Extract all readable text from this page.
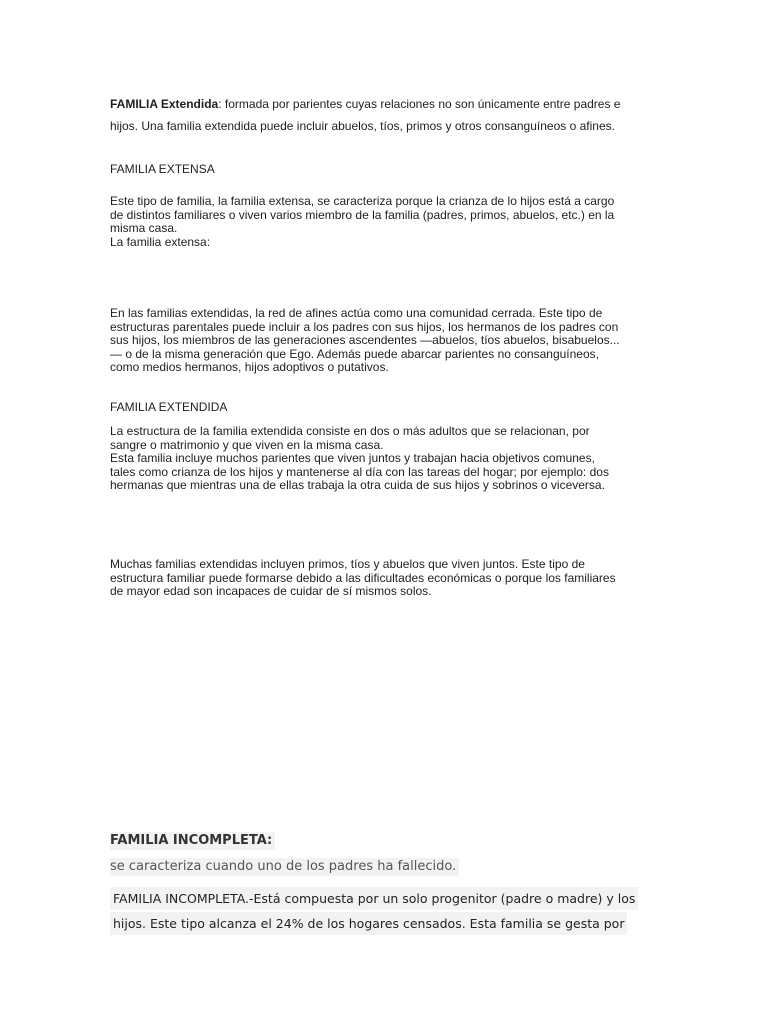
FAMILIA Extendida: formada por parientes cuyas relaciones no son únicamente entre padres e
hijos. Una familia extendida puede incluir abuelos, tíos, primos y otros consanguíneos o afines.

FAMILIA EXTENSA

Este tipo de familia, la familia extensa, se caracteriza porque la crianza de lo hijos está a cargo
de distintos familiares o viven varios miembro de la familia (padres, primos, abuelos, etc.) en la
misma casa.
La familia extensa:

En las familias extendidas, la red de afines actúa como una comunidad cerrada. Este tipo de
estructuras parentales puede incluir a los padres con sus hijos, los hermanos de los padres con
sus hijos, los miembros de las generaciones ascendentes —abuelos, tíos abuelos, bisabuelos...
— o de la misma generación que Ego. Además puede abarcar parientes no consanguíneos,
como medios hermanos, hijos adoptivos o putativos.

FAMILIA EXTENDIDA

La estructura de la familia extendida consiste en dos o más adultos que se relacionan, por
sangre o matrimonio y que viven en la misma casa.
Esta familia incluye muchos parientes que viven juntos y trabajan hacia objetivos comunes,
tales como crianza de los hijos y mantenerse al día con las tareas del hogar; por ejemplo: dos
hermanas que mientras una de ellas trabaja la otra cuida de sus hijos y sobrinos o viceversa.

Muchas familias extendidas incluyen primos, tíos y abuelos que viven juntos. Este tipo de
estructura familiar puede formarse debido a las dificultades económicas o porque los familiares
de mayor edad son incapaces de cuidar de sí mismos solos.

FAMILIA INCOMPLETA:
se caracteriza cuando uno de los padres ha fallecido.
FAMILIA INCOMPLETA.-Está compuesta por un solo progenitor (padre o madre) y los
hijos. Este tipo alcanza el 24% de los hogares censados. Esta familia se gesta por
